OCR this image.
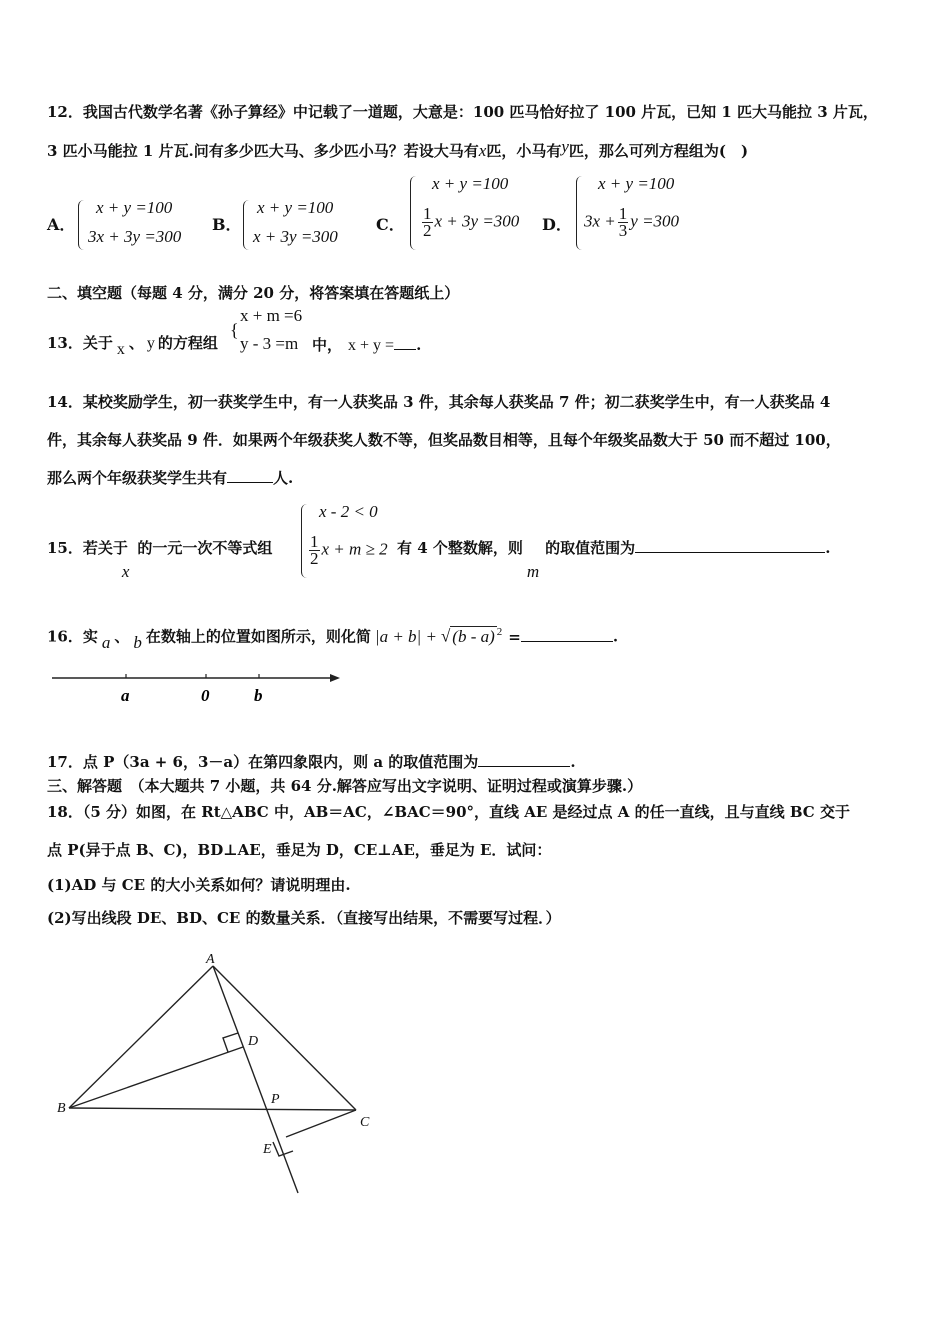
12．我国古代数学名著《孙子算经》中记载了一道题，大意是：100 匹马恰好拉了 100 片瓦，已知 1 匹大马能拉 3 片瓦，
3 匹小马能拉 1 片瓦.问有多少匹大马、多少匹小马？若设大马有x匹，小马有y匹，那么可列方程组为(　)
A．
x + y =100
3x + 3y =300
B．
x + y =100
x + 3y =300
C．
x + y =100
$\frac{1}{2}$ x + 3y =300 D．
x + y =100
$3x + \frac{1}{3}$ y =300
二、填空题（每题 4 分，满分 20 分，将答案填在答题纸上）
{
x + m =6
y - 3 =m
13．关于 x 、 y 的方程组	中， x + y = .
14．某校奖励学生，初一获奖学生中，有一人获奖品 3 件，其余每人获奖品 7 件；初二获奖学生中，有一人获奖品 4
件，其余每人获奖品 9 件．如果两个年级获奖人数不等，但奖品数目相等，且每个年级奖品数大于 50 而不超过 100，
那么两个年级获奖学生共有	人.
15．若关于x的一元一次不等式组
x - 2 < 0
$\frac{1}{2}$ x + m ≥ 2 有 4 个整数解，则m的取值范围为	.
16．实 a 、 b 在数轴上的位置如图所示，则化简 |a + b| + √ (b - a) $^2$ =	.
a	0	b
17．点 P（3a + 6，3－a）在第四象限内，则 a 的取值范围为	.
三、解答题　（本大题共 7 小题，共 64 分.解答应写出文字说明、证明过程或演算步骤.）
18．（5 分）如图，在 Rt△ABC 中，AB＝AC，∠BAC＝90°，直线 AE 是经过点 A 的任一直线，且与直线 BC 交于
点 P(异于点 B、C)，BD⊥AE，垂足为 D，CE⊥AE，垂足为 E．试问：
(1)AD 与 CE 的大小关系如何？请说明理由.
(2)写出线段 DE、BD、CE 的数量关系．（直接写出结果，不需要写过程．）
A
B
C
D
E
P
